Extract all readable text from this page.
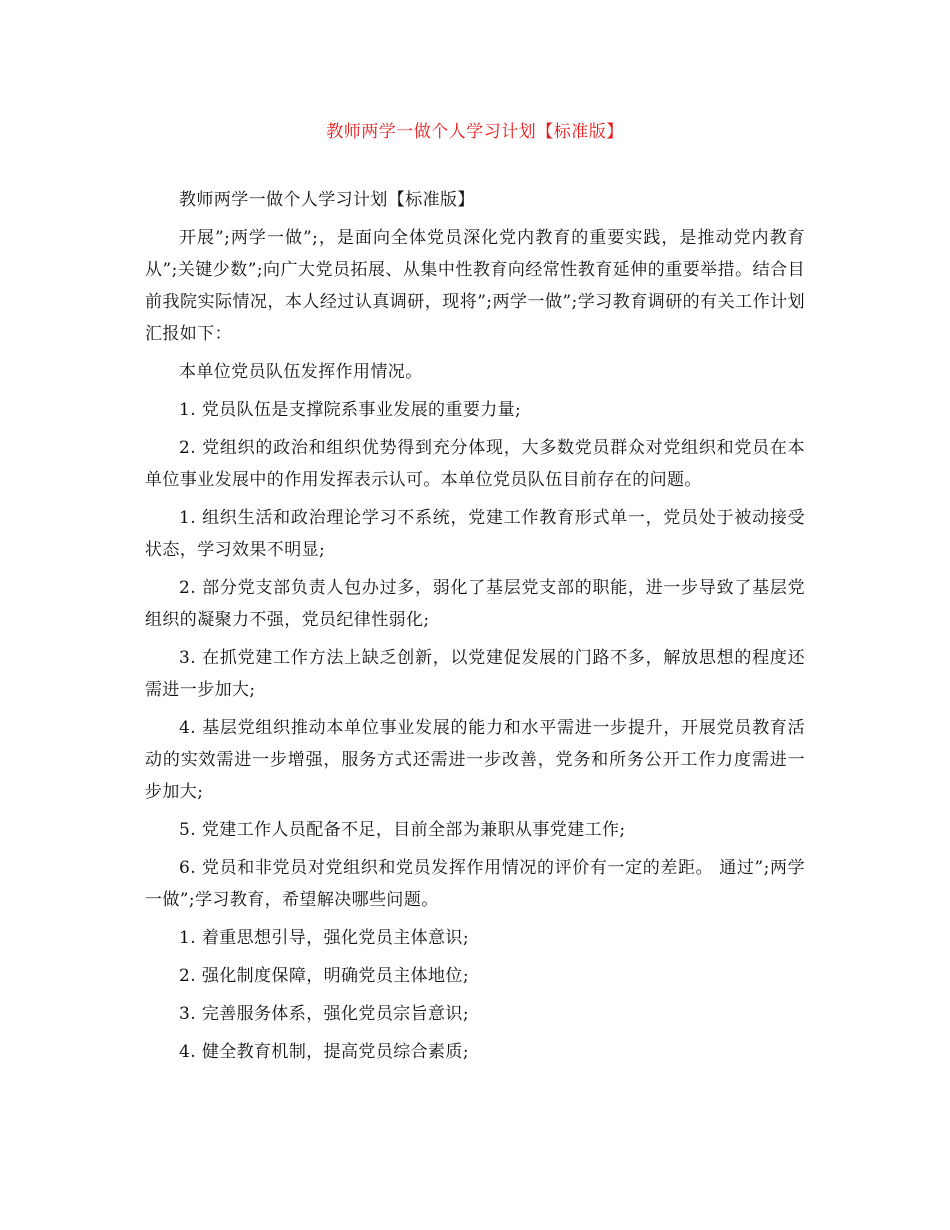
教师两学一做个人学习计划【标准版】

教师两学一做个人学习计划【标准版】

开展”;两学一做”;，是面向全体党员深化党内教育的重要实践，是推动党内教育从”;关键少数”;向广大党员拓展、从集中性教育向经常性教育延伸的重要举措。结合目前我院实际情况，本人经过认真调研，现将”;两学一做”;学习教育调研的有关工作计划汇报如下：

本单位党员队伍发挥作用情况。

1. 党员队伍是支撑院系事业发展的重要力量;

2. 党组织的政治和组织优势得到充分体现，大多数党员群众对党组织和党员在本单位事业发展中的作用发挥表示认可。本单位党员队伍目前存在的问题。

1. 组织生活和政治理论学习不系统，党建工作教育形式单一，党员处于被动接受状态，学习效果不明显;

2. 部分党支部负责人包办过多，弱化了基层党支部的职能，进一步导致了基层党组织的凝聚力不强，党员纪律性弱化;

3. 在抓党建工作方法上缺乏创新，以党建促发展的门路不多，解放思想的程度还需进一步加大;

4. 基层党组织推动本单位事业发展的能力和水平需进一步提升，开展党员教育活动的实效需进一步增强，服务方式还需进一步改善，党务和所务公开工作力度需进一步加大;

5. 党建工作人员配备不足，目前全部为兼职从事党建工作;

6. 党员和非党员对党组织和党员发挥作用情况的评价有一定的差距。 通过”;两学一做”;学习教育，希望解决哪些问题。

1. 着重思想引导，强化党员主体意识;

2. 强化制度保障，明确党员主体地位;

3. 完善服务体系，强化党员宗旨意识;

4. 健全教育机制，提高党员综合素质;
